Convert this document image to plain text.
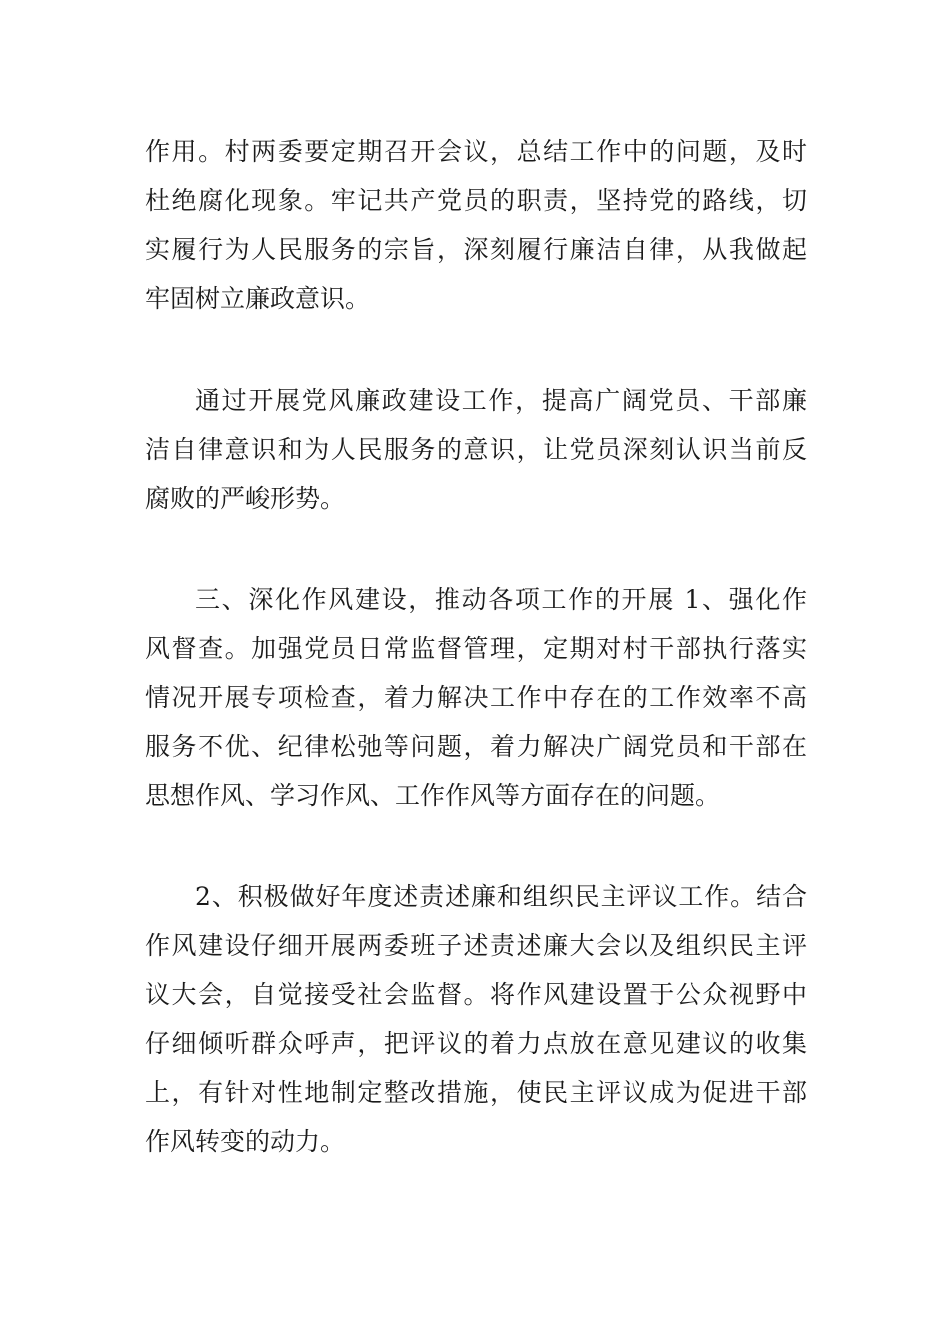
作用。村两委要定期召开会议，总结工作中的问题，及时
杜绝腐化现象。牢记共产党员的职责，坚持党的路线，切
实履行为人民服务的宗旨，深刻履行廉洁自律，从我做起
牢固树立廉政意识。
通过开展党风廉政建设工作，提高广阔党员、干部廉
洁自律意识和为人民服务的意识，让党员深刻认识当前反
腐败的严峻形势。
三、深化作风建设，推动各项工作的开展 1、强化作
风督查。加强党员日常监督管理，定期对村干部执行落实
情况开展专项检查，着力解决工作中存在的工作效率不高
服务不优、纪律松弛等问题，着力解决广阔党员和干部在
思想作风、学习作风、工作作风等方面存在的问题。
2、积极做好年度述责述廉和组织民主评议工作。结合
作风建设仔细开展两委班子述责述廉大会以及组织民主评
议大会，自觉接受社会监督。将作风建设置于公众视野中
仔细倾听群众呼声，把评议的着力点放在意见建议的收集
上，有针对性地制定整改措施，使民主评议成为促进干部
作风转变的动力。
